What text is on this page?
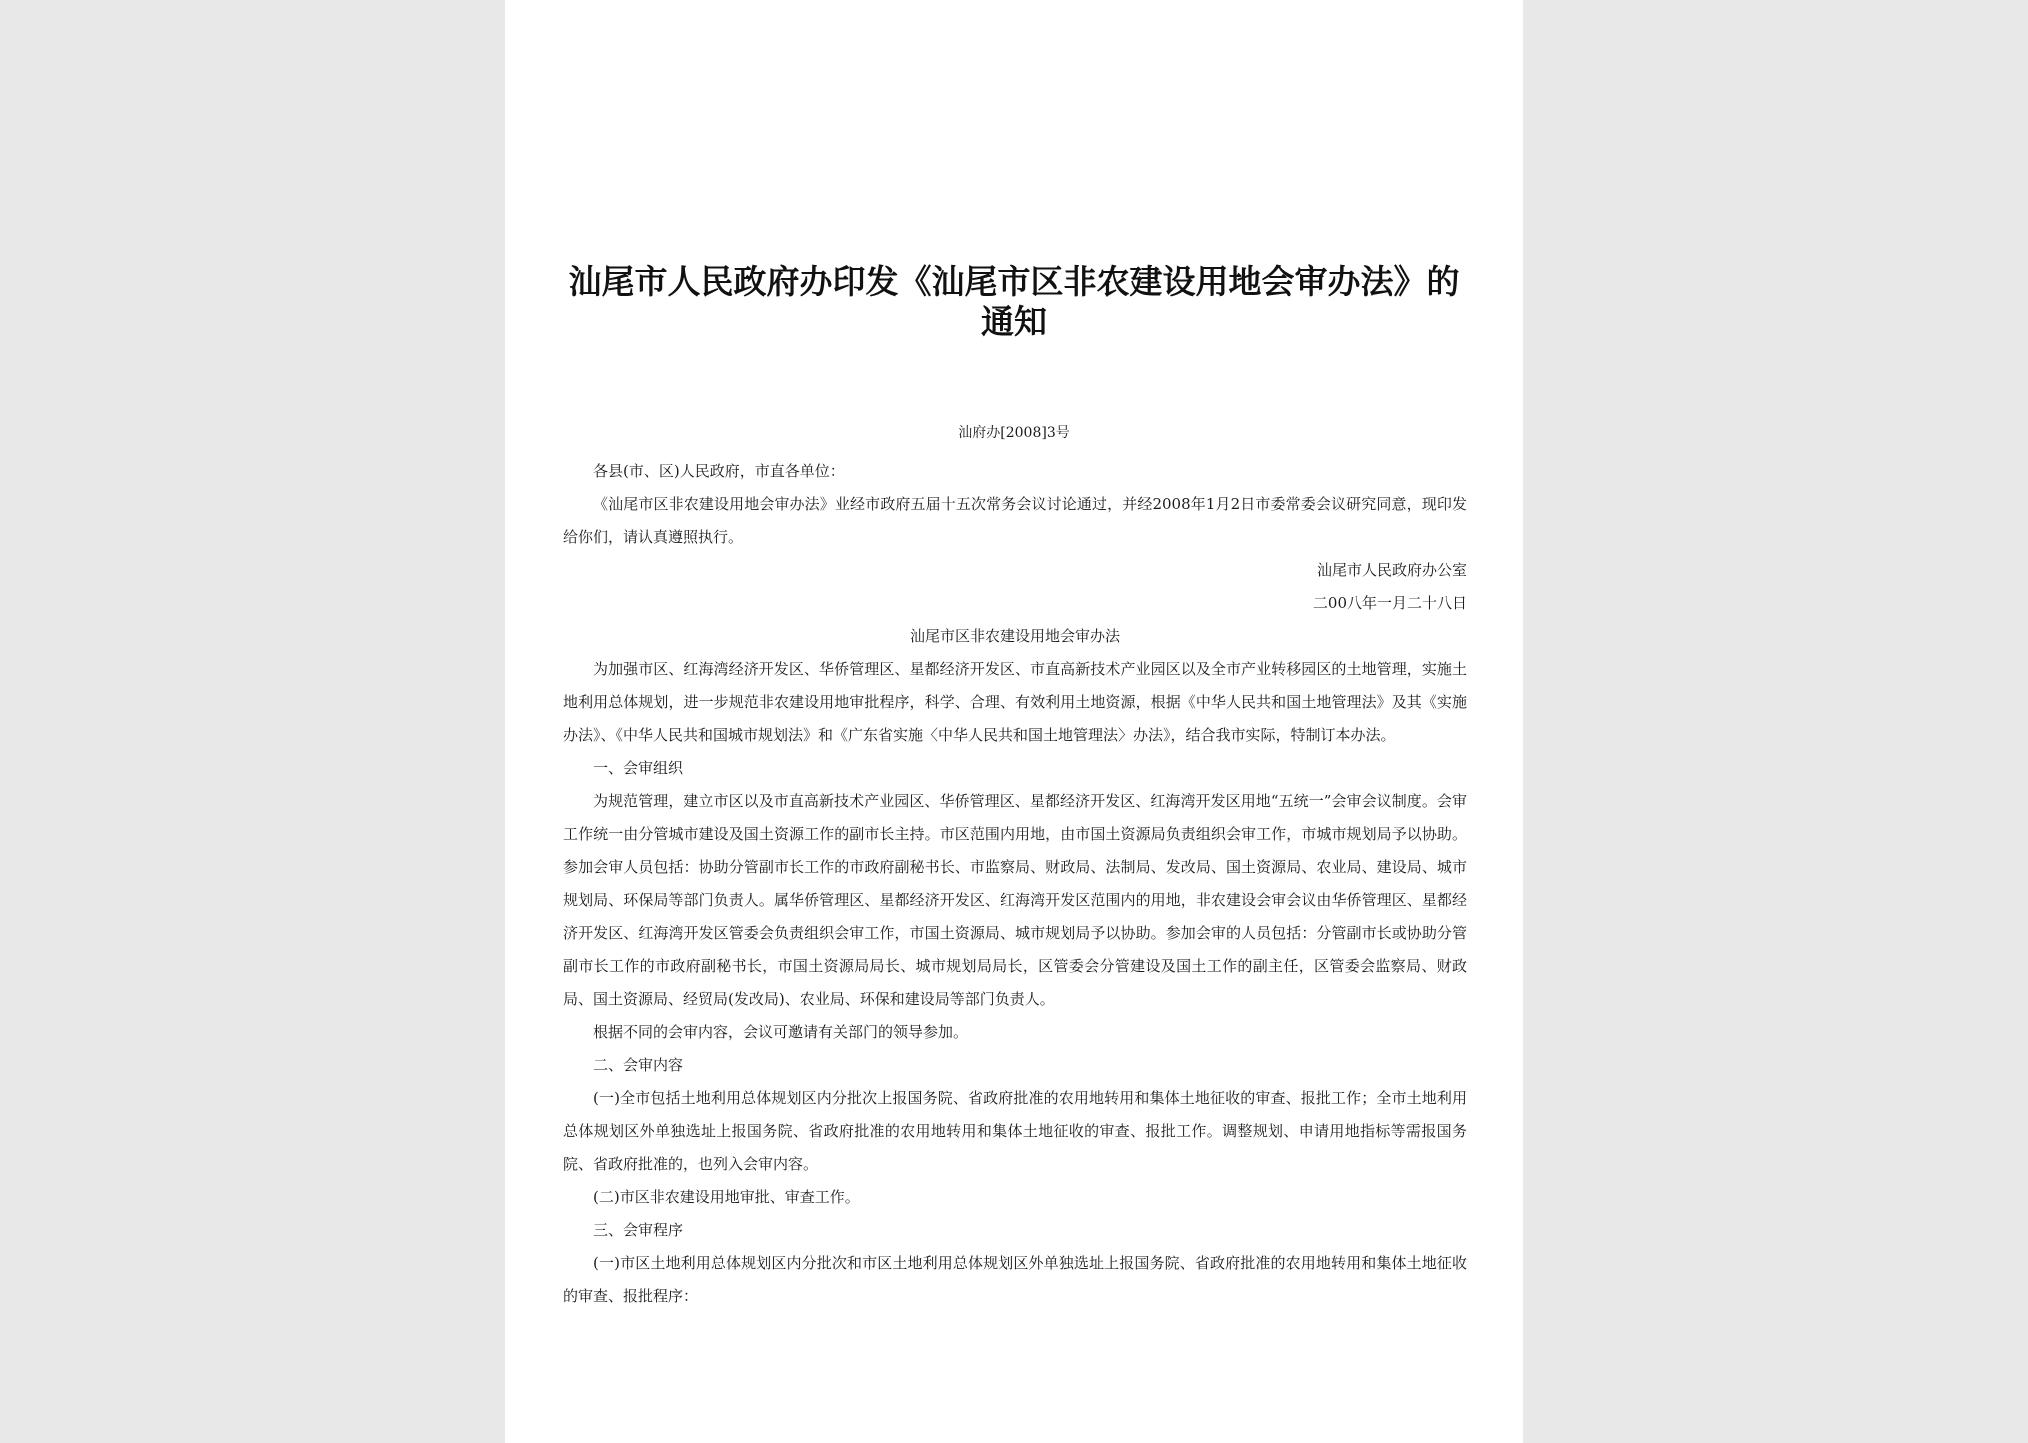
汕尾市人民政府办印发《汕尾市区非农建设用地会审办法》的通知
汕府办[2008]3号

各县(市、区)人民政府，市直各单位：

《汕尾市区非农建设用地会审办法》业经市政府五届十五次常务会议讨论通过，并经2008年1月2日市委常委会议研究同意，现印发给你们，请认真遵照执行。

汕尾市人民政府办公室

二00八年一月二十八日

汕尾市区非农建设用地会审办法

为加强市区、红海湾经济开发区、华侨管理区、星都经济开发区、市直高新技术产业园区以及全市产业转移园区的土地管理，实施土地利用总体规划，进一步规范非农建设用地审批程序，科学、合理、有效利用土地资源，根据《中华人民共和国土地管理法》及其《实施办法》、《中华人民共和国城市规划法》和《广东省实施〈中华人民共和国土地管理法〉办法》，结合我市实际，特制订本办法。

一、会审组织

为规范管理，建立市区以及市直高新技术产业园区、华侨管理区、星都经济开发区、红海湾开发区用地“五统一”会审会议制度。会审工作统一由分管城市建设及国土资源工作的副市长主持。市区范围内用地，由市国土资源局负责组织会审工作，市城市规划局予以协助。参加会审人员包括：协助分管副市长工作的市政府副秘书长、市监察局、财政局、法制局、发改局、国土资源局、农业局、建设局、城市规划局、环保局等部门负责人。属华侨管理区、星都经济开发区、红海湾开发区范围内的用地，非农建设会审会议由华侨管理区、星都经济开发区、红海湾开发区管委会负责组织会审工作，市国土资源局、城市规划局予以协助。参加会审的人员包括：分管副市长或协助分管副市长工作的市政府副秘书长，市国土资源局局长、城市规划局局长，区管委会分管建设及国土工作的副主任，区管委会监察局、财政局、国土资源局、经贸局(发改局)、农业局、环保和建设局等部门负责人。

根据不同的会审内容，会议可邀请有关部门的领导参加。

二、会审内容

(一)全市包括土地利用总体规划区内分批次上报国务院、省政府批准的农用地转用和集体土地征收的审查、报批工作；全市土地利用总体规划区外单独选址上报国务院、省政府批准的农用地转用和集体土地征收的审查、报批工作。调整规划、申请用地指标等需报国务院、省政府批准的，也列入会审内容。

(二)市区非农建设用地审批、审查工作。

三、会审程序

(一)市区土地利用总体规划区内分批次和市区土地利用总体规划区外单独选址上报国务院、省政府批准的农用地转用和集体土地征收的审查、报批程序：
